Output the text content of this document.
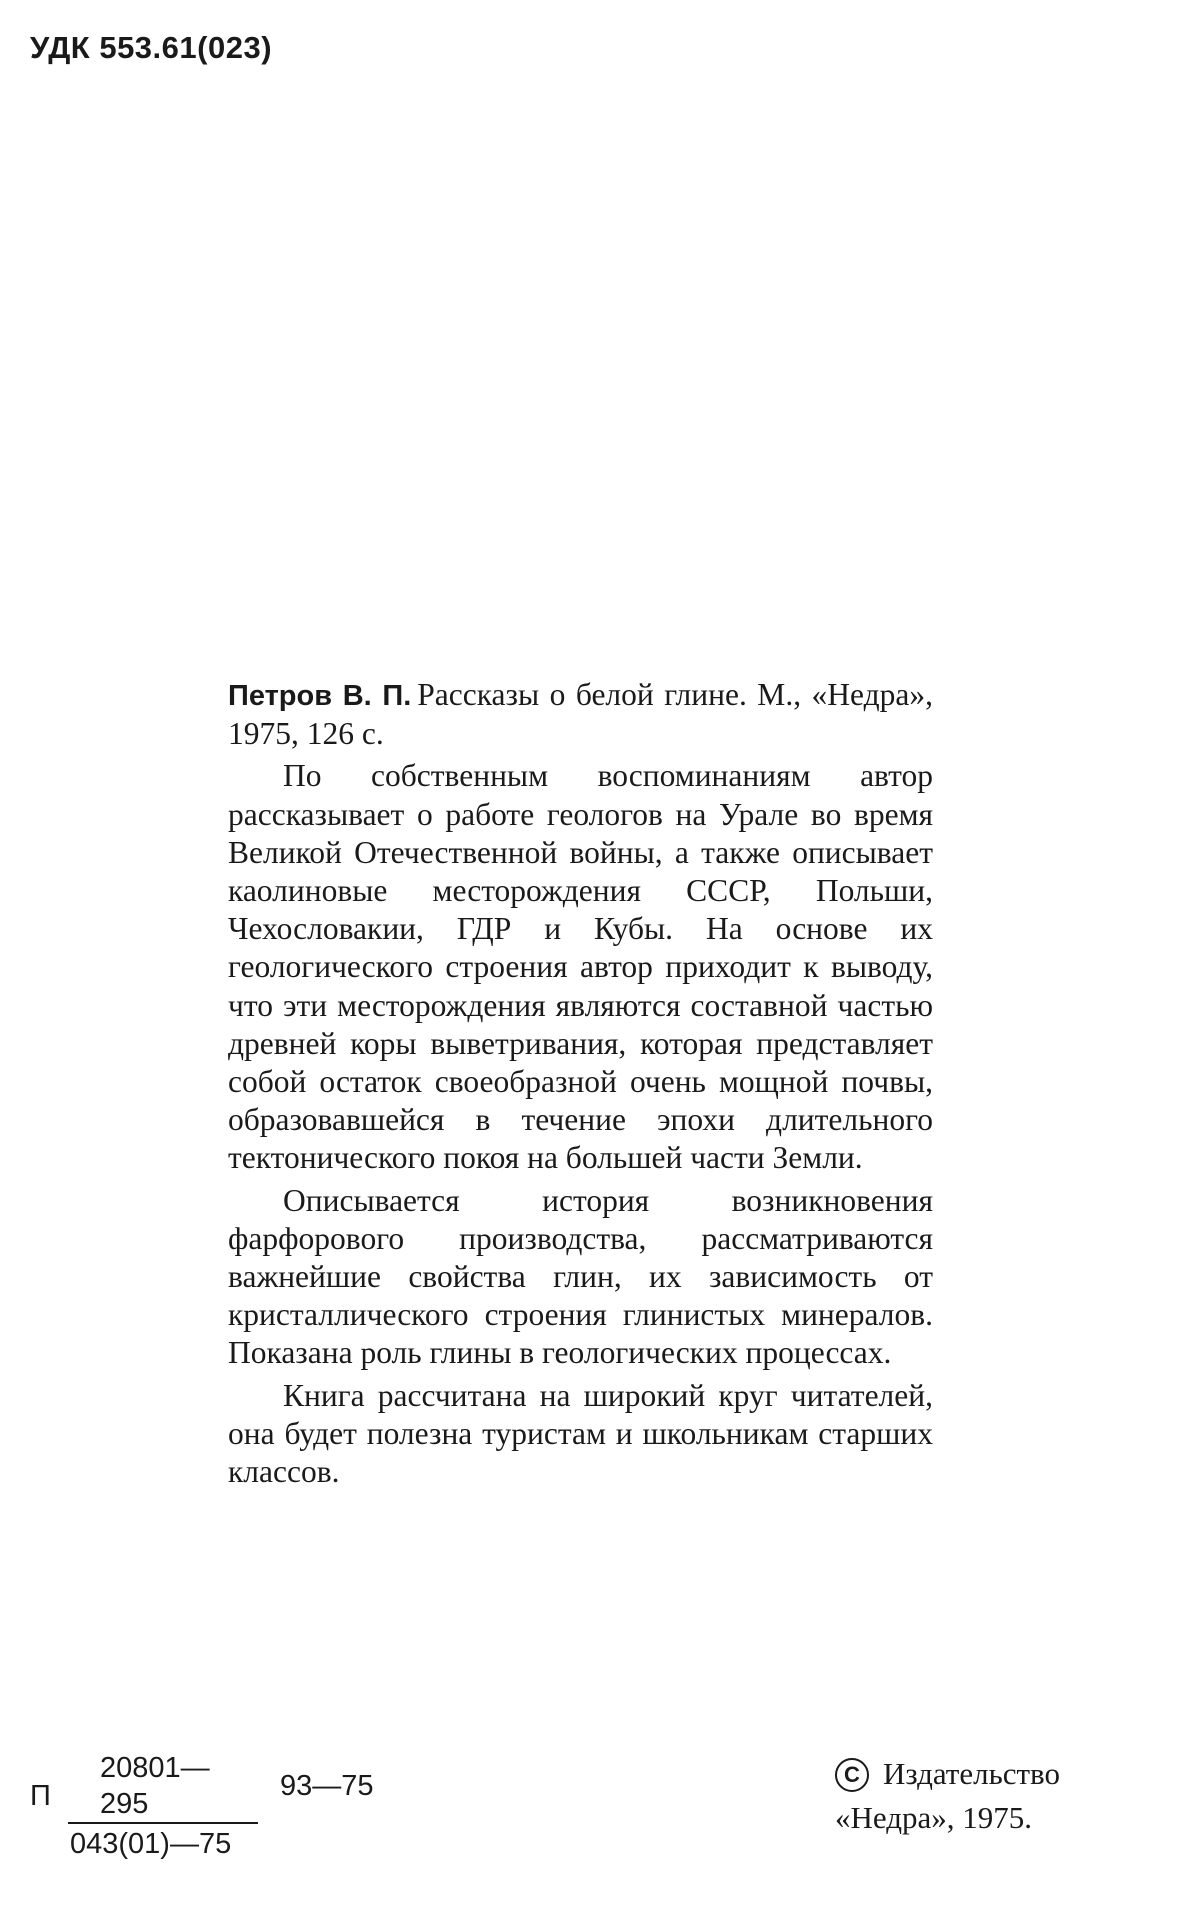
УДК 553.61(023)

Петров В. П. Рассказы о белой глине. М., «Недра», 1975, 126 с.

По собственным воспоминаниям автор рассказывает о работе геологов на Урале во время Великой Отечественной войны, а также описывает каолиновые месторождения СССР, Польши, Чехословакии, ГДР и Кубы. На основе их геологического строения автор приходит к выводу, что эти месторождения являются составной частью древней коры выветривания, которая представляет собой остаток своеобразной очень мощной почвы, образовавшейся в течение эпохи длительного тектонического покоя на большей части Земли.

Описывается история возникновения фарфорового производства, рассматриваются важнейшие свойства глин, их зависимость от кристаллического строения глинистых минералов. Показана роль глины в геологических процессах.

Книга рассчитана на широкий круг читателей, она будет полезна туристам и школьникам старших классов.

П
20801—295
043(01)—75
93—75	C Издательство
«Недра», 1975.
